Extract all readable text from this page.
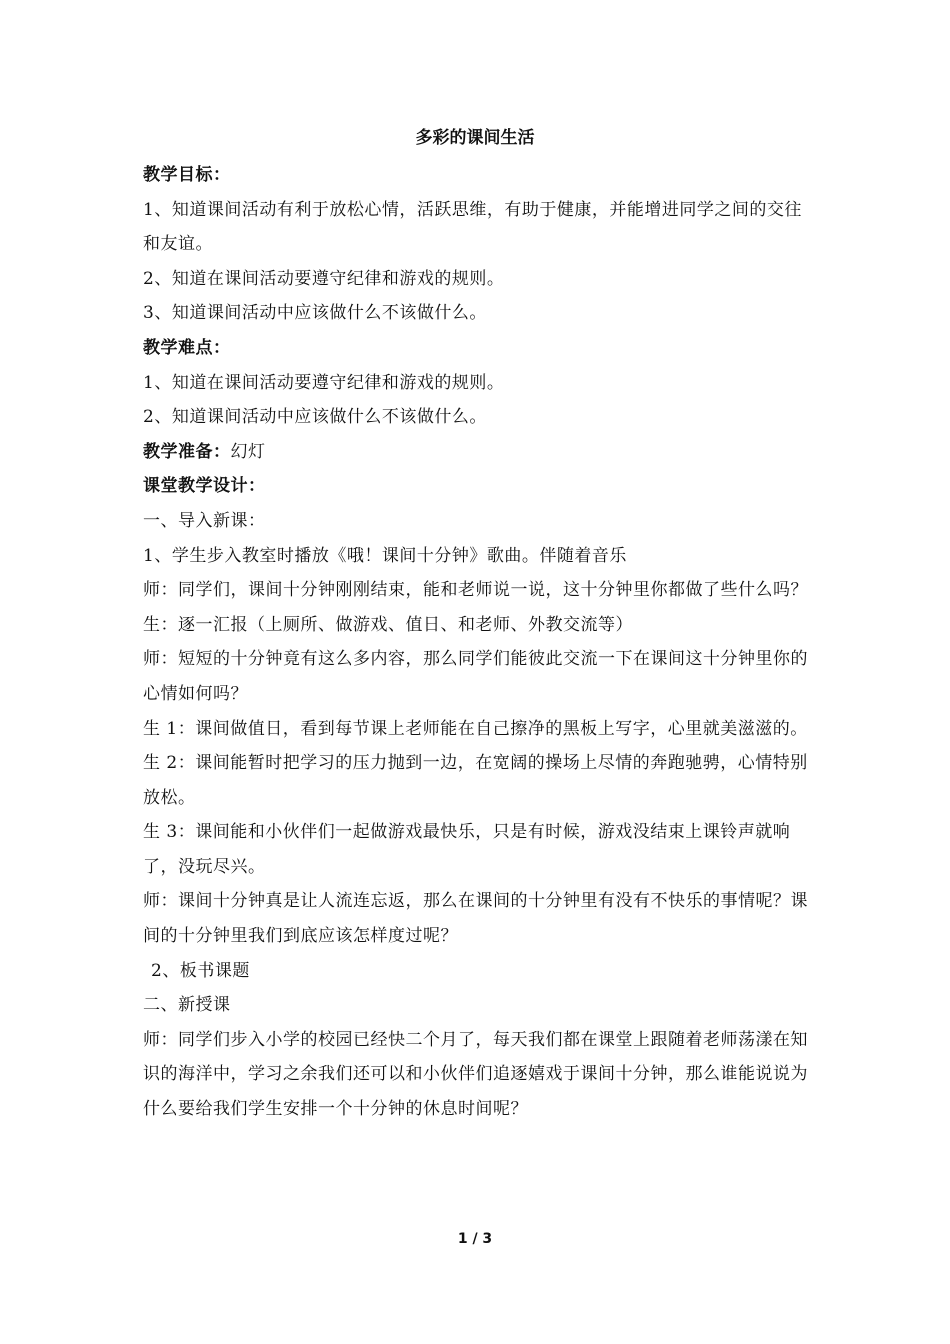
多彩的课间生活

教学目标：

1、知道课间活动有利于放松心情，活跃思维，有助于健康，并能增进同学之间的交往和友谊。

2、知道在课间活动要遵守纪律和游戏的规则。

3、知道课间活动中应该做什么不该做什么。

教学难点：

1、知道在课间活动要遵守纪律和游戏的规则。

2、知道课间活动中应该做什么不该做什么。

教学准备：幻灯

课堂教学设计：

一、导入新课：

1、学生步入教室时播放《哦！课间十分钟》歌曲。伴随着音乐

师：同学们，课间十分钟刚刚结束，能和老师说一说，这十分钟里你都做了些什么吗？

生：逐一汇报（上厕所、做游戏、值日、和老师、外教交流等）

师：短短的十分钟竟有这么多内容，那么同学们能彼此交流一下在课间这十分钟里你的心情如何吗？

生 1：课间做值日，看到每节课上老师能在自己擦净的黑板上写字，心里就美滋滋的。

生 2：课间能暂时把学习的压力抛到一边，在宽阔的操场上尽情的奔跑驰骋，心情特别放松。

生 3：课间能和小伙伴们一起做游戏最快乐，只是有时候，游戏没结束上课铃声就响了，没玩尽兴。

师：课间十分钟真是让人流连忘返，那么在课间的十分钟里有没有不快乐的事情呢？课间的十分钟里我们到底应该怎样度过呢？

2、板书课题

二、新授课

师：同学们步入小学的校园已经快二个月了，每天我们都在课堂上跟随着老师荡漾在知识的海洋中，学习之余我们还可以和小伙伴们追逐嬉戏于课间十分钟，那么谁能说说为什么要给我们学生安排一个十分钟的休息时间呢？

1 / 3
